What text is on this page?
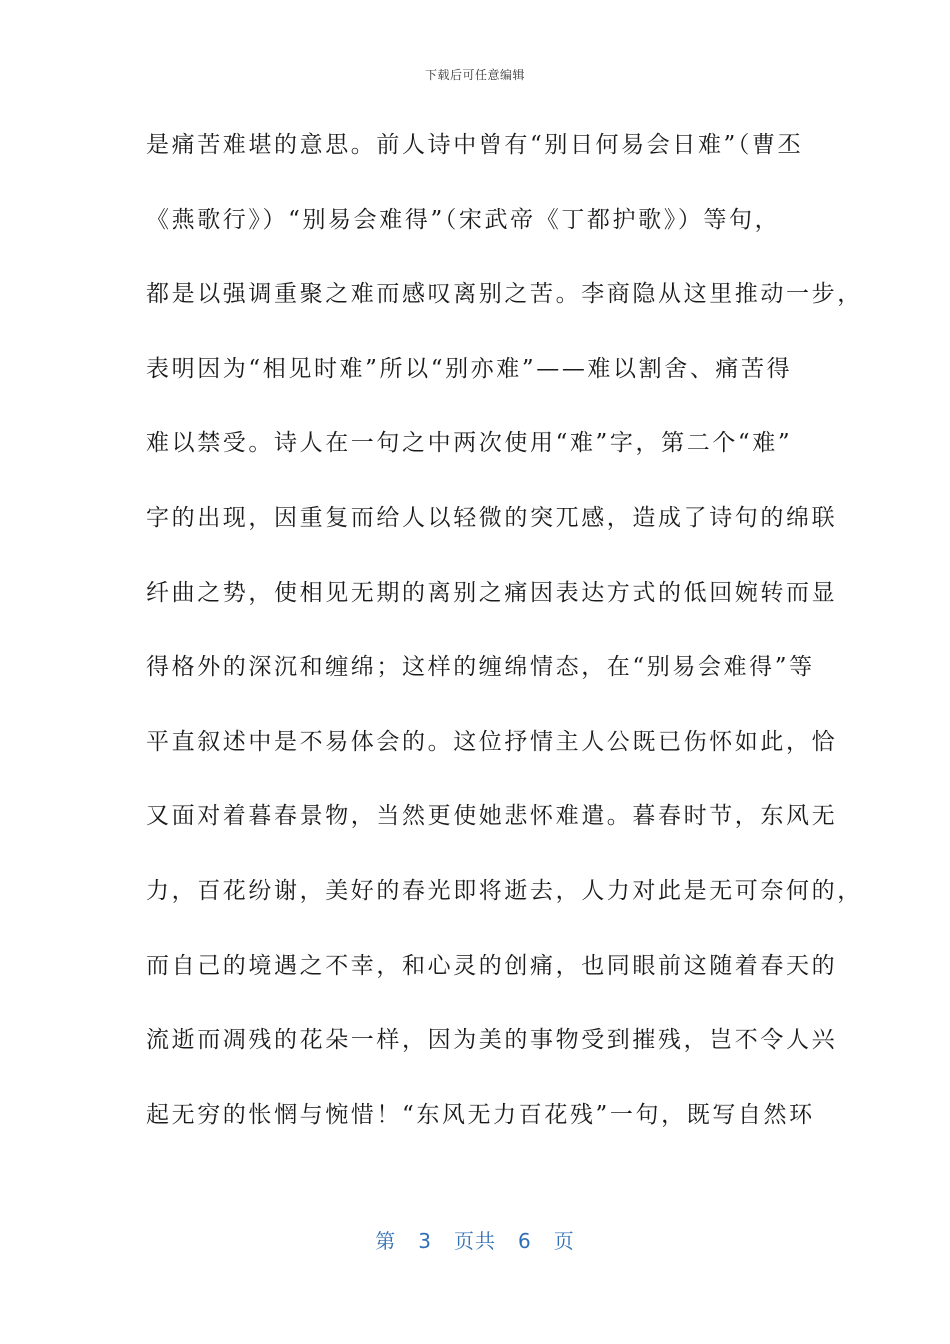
下载后可任意编辑
是痛苦难堪的意思。前人诗中曾有“别日何易会日难”（曹丕
《燕歌行》）“别易会难得”（宋武帝《丁都护歌》）等句，
都是以强调重聚之难而感叹离别之苦。李商隐从这里推动一步，
表明因为“相见时难”所以“别亦难”——难以割舍、痛苦得
难以禁受。诗人在一句之中两次使用“难”字，第二个“难”
字的出现，因重复而给人以轻微的突兀感，造成了诗句的绵联
纤曲之势，使相见无期的离别之痛因表达方式的低回婉转而显
得格外的深沉和缠绵；这样的缠绵情态，在“别易会难得”等
平直叙述中是不易体会的。这位抒情主人公既已伤怀如此，恰
又面对着暮春景物，当然更使她悲怀难遣。暮春时节，东风无
力，百花纷谢，美好的春光即将逝去，人力对此是无可奈何的，
而自己的境遇之不幸，和心灵的创痛，也同眼前这随着春天的
流逝而凋残的花朵一样，因为美的事物受到摧残，岂不令人兴
起无穷的怅惘与惋惜！“东风无力百花残”一句，既写自然环
第 3 页共 6 页
